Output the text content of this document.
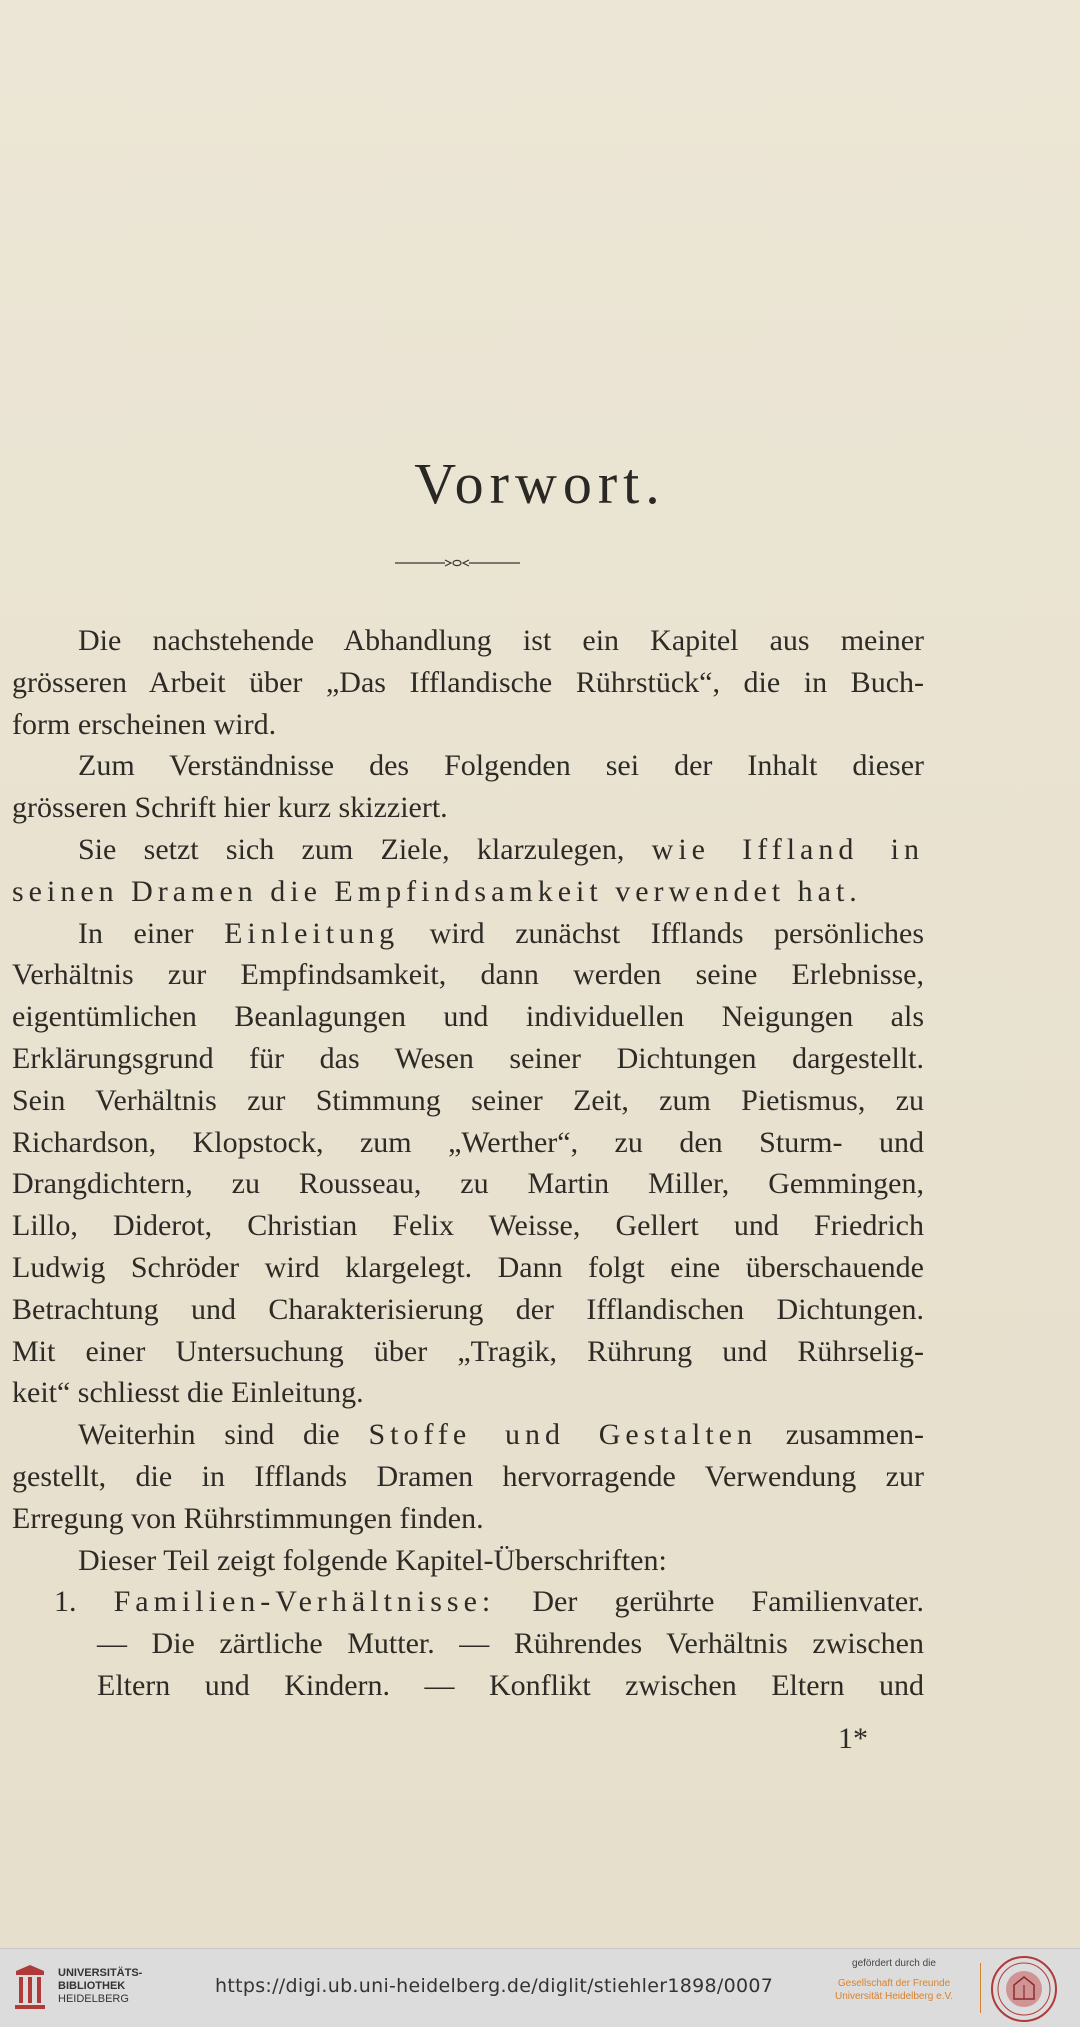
Vorwort.
Die nachstehende Abhandlung ist ein Kapitel aus meiner
grösseren Arbeit über „Das Ifflandische Rührstück“, die in Buch-
form erscheinen wird.
Zum Verständnisse des Folgenden sei der Inhalt dieser
grösseren Schrift hier kurz skizziert.
Sie setzt sich zum Ziele, klarzulegen, wie Iffland in
seinen Dramen die Empfindsamkeit verwendet hat.
In einer Einleitung wird zunächst Ifflands persönliches
Verhältnis zur Empfindsamkeit, dann werden seine Erlebnisse,
eigentümlichen Beanlagungen und individuellen Neigungen als
Erklärungsgrund für das Wesen seiner Dichtungen dargestellt.
Sein Verhältnis zur Stimmung seiner Zeit, zum Pietismus, zu
Richardson, Klopstock, zum „Werther“, zu den Sturm- und
Drangdichtern, zu Rousseau, zu Martin Miller, Gemmingen,
Lillo, Diderot, Christian Felix Weisse, Gellert und Friedrich
Ludwig Schröder wird klargelegt. Dann folgt eine überschauende
Betrachtung und Charakterisierung der Ifflandischen Dichtungen.
Mit einer Untersuchung über „Tragik, Rührung und Rührselig-
keit“ schliesst die Einleitung.
Weiterhin sind die Stoffe und Gestalten zusammen-
gestellt, die in Ifflands Dramen hervorragende Verwendung zur
Erregung von Rührstimmungen finden.
Dieser Teil zeigt folgende Kapitel-Überschriften:
1. Familien-Verhältnisse: Der gerührte Familienvater.
— Die zärtliche Mutter. — Rührendes Verhältnis zwischen
Eltern und Kindern. — Konflikt zwischen Eltern und
1*
UNIVERSITÄTS-
BIBLIOTHEK
HEIDELBERG
https://digi.ub.uni-heidelberg.de/diglit/stiehler1898/0007
gefördert durch die
Gesellschaft der Freunde
Universität Heidelberg e.V.
